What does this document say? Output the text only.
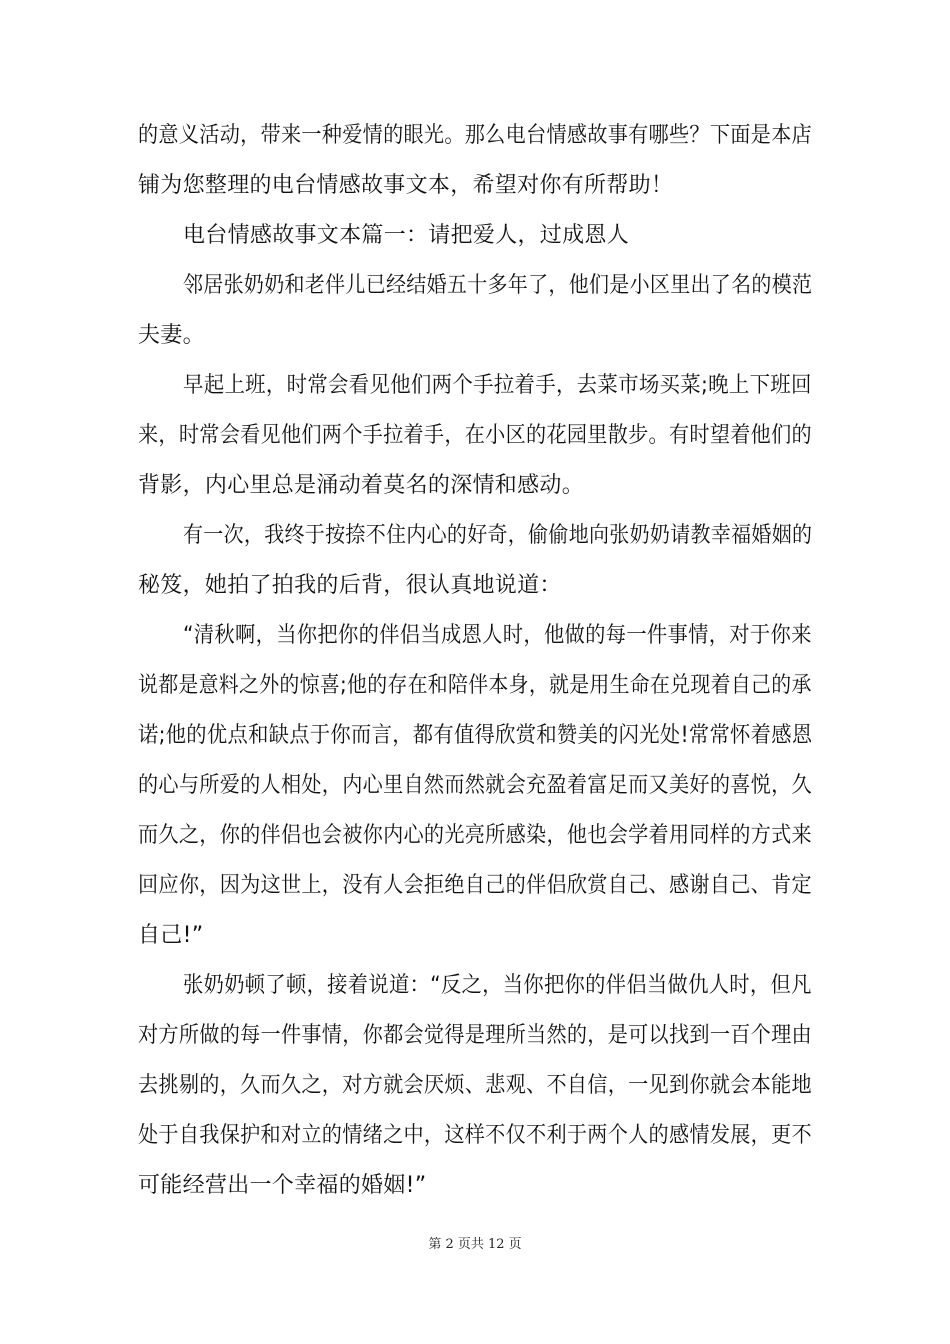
的意义活动，带来一种爱情的眼光。那么电台情感故事有哪些？下面是本店
铺为您整理的电台情感故事文本，希望对你有所帮助！
电台情感故事文本篇一：请把爱人，过成恩人
邻居张奶奶和老伴儿已经结婚五十多年了，他们是小区里出了名的模范
夫妻。
早起上班，时常会看见他们两个手拉着手，去菜市场买菜;晚上下班回
来，时常会看见他们两个手拉着手，在小区的花园里散步。有时望着他们的
背影，内心里总是涌动着莫名的深情和感动。
有一次，我终于按捺不住内心的好奇，偷偷地向张奶奶请教幸福婚姻的
秘笈，她拍了拍我的后背，很认真地说道：
“清秋啊，当你把你的伴侣当成恩人时，他做的每一件事情，对于你来
说都是意料之外的惊喜;他的存在和陪伴本身，就是用生命在兑现着自己的承
诺;他的优点和缺点于你而言，都有值得欣赏和赞美的闪光处!常常怀着感恩
的心与所爱的人相处，内心里自然而然就会充盈着富足而又美好的喜悦，久
而久之，你的伴侣也会被你内心的光亮所感染，他也会学着用同样的方式来
回应你，因为这世上，没有人会拒绝自己的伴侣欣赏自己、感谢自己、肯定
自己!”
张奶奶顿了顿，接着说道：“反之，当你把你的伴侣当做仇人时，但凡
对方所做的每一件事情，你都会觉得是理所当然的，是可以找到一百个理由
去挑剔的，久而久之，对方就会厌烦、悲观、不自信，一见到你就会本能地
处于自我保护和对立的情绪之中，这样不仅不利于两个人的感情发展，更不
可能经营出一个幸福的婚姻!”
第 2 页共 12 页
